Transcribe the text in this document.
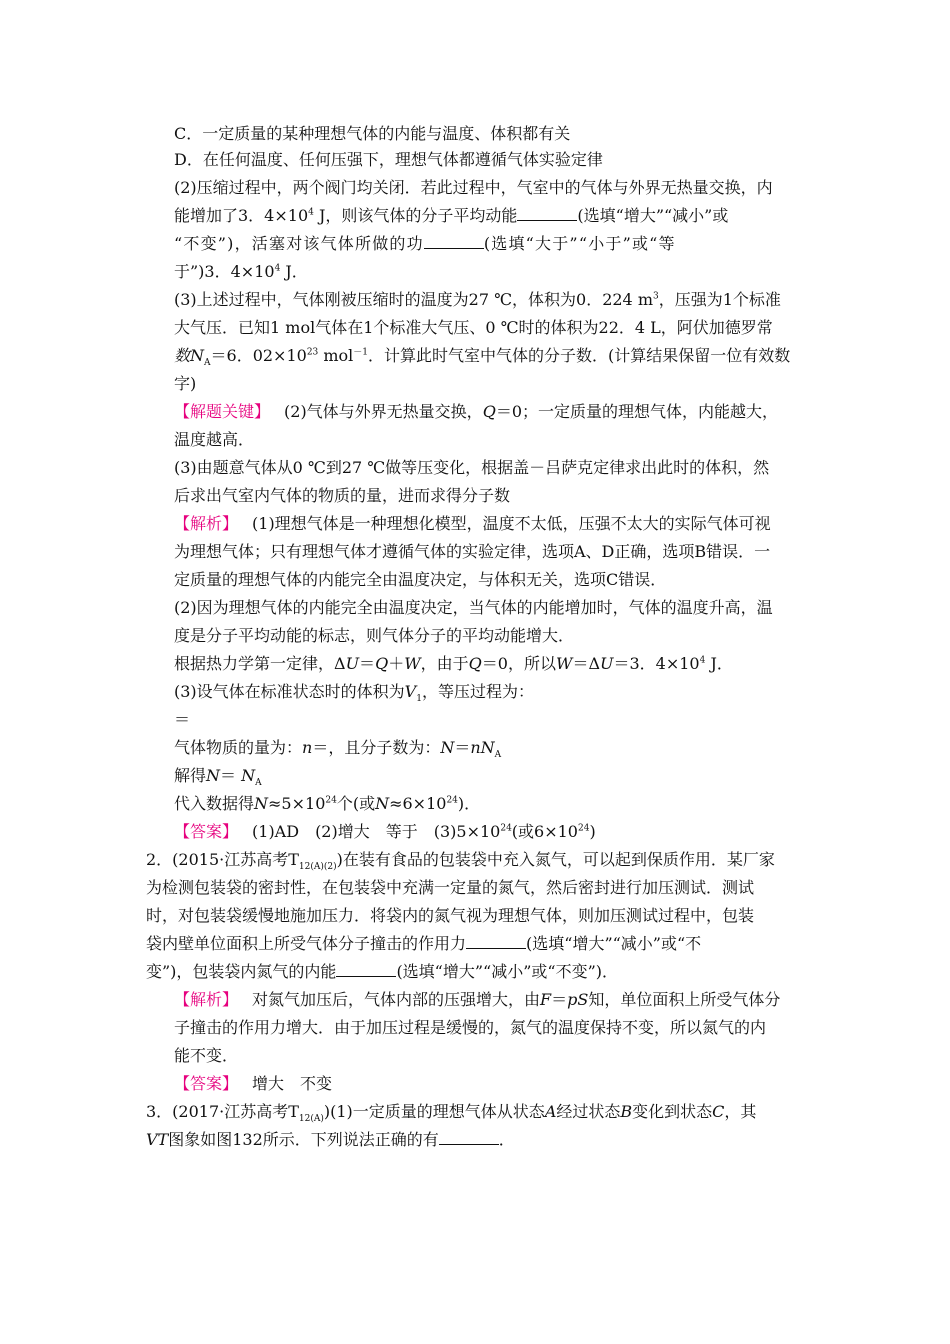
C．一定质量的某种理想气体的内能与温度、体积都有关
D．在任何温度、任何压强下，理想气体都遵循气体实验定律
(2)压缩过程中，两个阀门均关闭．若此过程中，气室中的气体与外界无热量交换，内
能增加了3．$4\times 10^4$ J，则该气体的分子平均动能	(选填“增大”“减小”或
“不变”)，活塞对该气体所做的功	(选填“大于”“小于”或“等
于”)3．$4\times 10^4$ J．
(3)上述过程中，气体刚被压缩时的温度为27 ℃，体积为0．224 $m^3$，压强为1个标准
大气压．已知1 mol气体在1个标准大气压、0 ℃时的体积为22．4 L，阿伏加德罗常
数$N_A=6$．$02\times 10^{23}$ mol$^{-1}$．计算此时气室中气体的分子数．(计算结果保留一位有效数
字)
【解题关键】 (2)气体与外界无热量交换，Q＝0；一定质量的理想气体，内能越大，
温度越高．
(3)由题意气体从0 ℃到27 ℃做等压变化，根据盖－吕萨克定律求出此时的体积，然
后求出气室内气体的物质的量，进而求得分子数
【解析】 (1)理想气体是一种理想化模型，温度不太低，压强不太大的实际气体可视
为理想气体；只有理想气体才遵循气体的实验定律，选项A、D正确，选项B错误．一
定质量的理想气体的内能完全由温度决定，与体积无关，选项C错误．
(2)因为理想气体的内能完全由温度决定，当气体的内能增加时，气体的温度升高，温
度是分子平均动能的标志，则气体分子的平均动能增大．
根据热力学第一定律，ΔU＝Q＋W，由于Q＝0，所以W＝ΔU＝3．$4\times 10^4$ J．
(3)设气体在标准状态时的体积为$V_1$，等压过程为：
＝
气体物质的量为：n＝，且分子数为：$N=nN_A$
解得$N= N_A$
代入数据得$N\approx 5\times 10^{24}$个(或$N\approx 6\times 10^{24}$)．
【答案】 (1)AD　(2)增大　等于　$(3)5\times 10^{24}$(或$6\times 10^{24}$)
2．(2015·江苏高考$T_{12(A)(2)}$)在装有食品的包装袋中充入氮气，可以起到保质作用．某厂家
为检测包装袋的密封性，在包装袋中充满一定量的氮气，然后密封进行加压测试．测试
时，对包装袋缓慢地施加压力．将袋内的氮气视为理想气体，则加压测试过程中，包装
袋内壁单位面积上所受气体分子撞击的作用力	(选填“增大”“减小”或“不
变”)，包装袋内氮气的内能	(选填“增大”“减小”或“不变”)．
【解析】 对氮气加压后，气体内部的压强增大，由F＝pS知，单位面积上所受气体分
子撞击的作用力增大．由于加压过程是缓慢的，氮气的温度保持不变，所以氮气的内
能不变．
【答案】 增大　不变
3．(2017·江苏高考$T_{12(A)})(1)$一定质量的理想气体从状态A经过状态B变化到状态C，其
VT图象如图132所示．下列说法正确的有	．
